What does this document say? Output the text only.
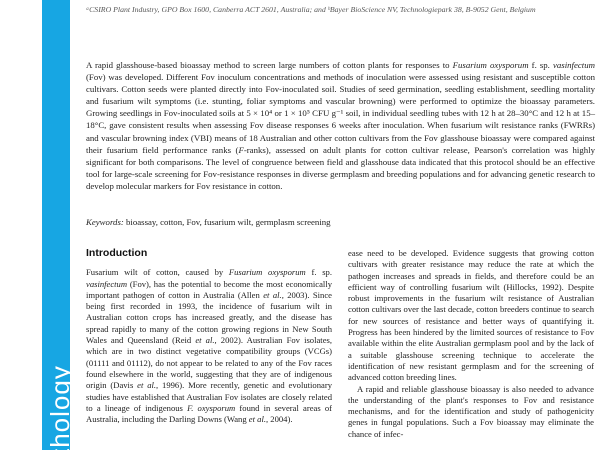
thology
ᵃCSIRO Plant Industry, GPO Box 1600, Canberra ACT 2601, Australia; and ᵇBayer BioScience NV, Technologiepark 38, B-9052 Gent, Belgium
A rapid glasshouse-based bioassay method to screen large numbers of cotton plants for responses to Fusarium oxysporum f. sp. vasinfectum (Fov) was developed. Different Fov inoculum concentrations and methods of inoculation were assessed using resistant and susceptible cotton cultivars. Cotton seeds were planted directly into Fov-inoculated soil. Studies of seed germination, seedling establishment, seedling mortality and fusarium wilt symptoms (i.e. stunting, foliar symptoms and vascular browning) were performed to optimize the bioassay parameters. Growing seedlings in Fov-inoculated soils at 5 × 10⁴ or 1 × 10⁵ CFU g⁻¹ soil, in individual seedling tubes with 12 h at 28–30°C and 12 h at 15–18°C, gave consistent results when assessing Fov disease responses 6 weeks after inoculation. When fusarium wilt resistance ranks (FWRRs) and vascular browning index (VBI) means of 18 Australian and other cotton cultivars from the Fov glasshouse bioassay were compared against their fusarium field performance ranks (F-ranks), assessed on adult plants for cotton cultivar release, Pearson's correlation was highly significant for both comparisons. The level of congruence between field and glasshouse data indicated that this protocol should be an effective tool for large-scale screening for Fov-resistance responses in diverse germplasm and breeding populations and for advancing genetic research to develop molecular markers for Fov resistance in cotton.
Keywords: bioassay, cotton, Fov, fusarium wilt, germplasm screening
Introduction

Fusarium wilt of cotton, caused by Fusarium oxysporum f. sp. vasinfectum (Fov), has the potential to become the most economically important pathogen of cotton in Australia (Allen et al., 2003). Since being first recorded in 1993, the incidence of fusarium wilt in Australian cotton crops has increased greatly, and the disease has spread rapidly to many of the cotton growing regions in New South Wales and Queensland (Reid et al., 2002). Australian Fov isolates, which are in two distinct vegetative compatibility groups (VCGs) (01111 and 01112), do not appear to be related to any of the Fov races found elsewhere in the world, suggesting that they are of indigenous origin (Davis et al., 1996). More recently, genetic and evolutionary studies have established that Australian Fov isolates are closely related to a lineage of indigenous F. oxysporum found in several areas of Australia, including the Darling Downs (Wang et al., 2004).

ease need to be developed. Evidence suggests that growing cotton cultivars with greater resistance may reduce the rate at which the pathogen increases and spreads in fields, and therefore could be an efficient way of controlling fusarium wilt (Hillocks, 1992). Despite robust improvements in the fusarium wilt resistance of Australian cotton cultivars over the last decade, cotton breeders continue to search for new sources of resistance and better ways of quantifying it. Progress has been hindered by the limited sources of resistance to Fov available within the elite Australian germplasm pool and by the lack of a suitable glasshouse screening technique to accelerate the identification of new resistant germplasm and for the screening of advanced cotton breeding lines.

A rapid and reliable glasshouse bioassay is also needed to advance the understanding of the plant's responses to Fov and resistance mechanisms, and for the identification and study of pathogenicity genes in fungal populations. Such a Fov bioassay may eliminate the chance of infec-
